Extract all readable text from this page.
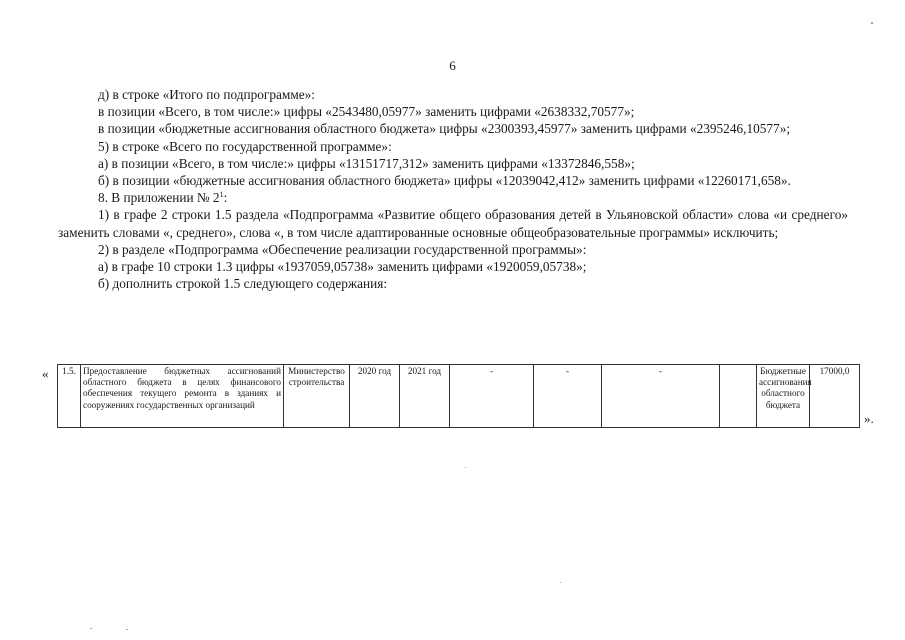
6

д) в строке «Итого по подпрограмме»:

в позиции «Всего, в том числе:» цифры «2543480,05977» заменить цифрами «2638332,70577»;

в позиции «бюджетные ассигнования областного бюджета» цифры «2300393,45977» заменить цифрами «2395246,10577»;

5) в строке «Всего по государственной программе»:

а) в позиции «Всего, в том числе:» цифры «13151717,312» заменить цифрами «13372846,558»;

б) в позиции «бюджетные ассигнования областного бюджета» цифры «12039042,412» заменить цифрами «12260171,658».

8. В приложении № $2^1$:

1) в графе 2 строки 1.5 раздела «Подпрограмма «Развитие общего образования детей в Ульяновской области» слова «и среднего» заменить словами «, среднего», слова «, в том числе адаптированные основные общеобразовательные программы» исключить;

2) в разделе «Подпрограмма «Обеспечение реализации государственной программы»:

а) в графе 10 строки 1.3 цифры «1937059,05738» заменить цифрами «1920059,05738»;

б) дополнить строкой 1.5 следующего содержания:

« 1.5.	Предоставление бюджетных ассигнований областного бюджета в целях финансового обеспечения текущего ремонта в зданиях и сооружениях государственных организаций	Министерство строительства	2020 год	2021 год	-	-	-		Бюджетные ассигнования областного бюджета	17000,0
».
